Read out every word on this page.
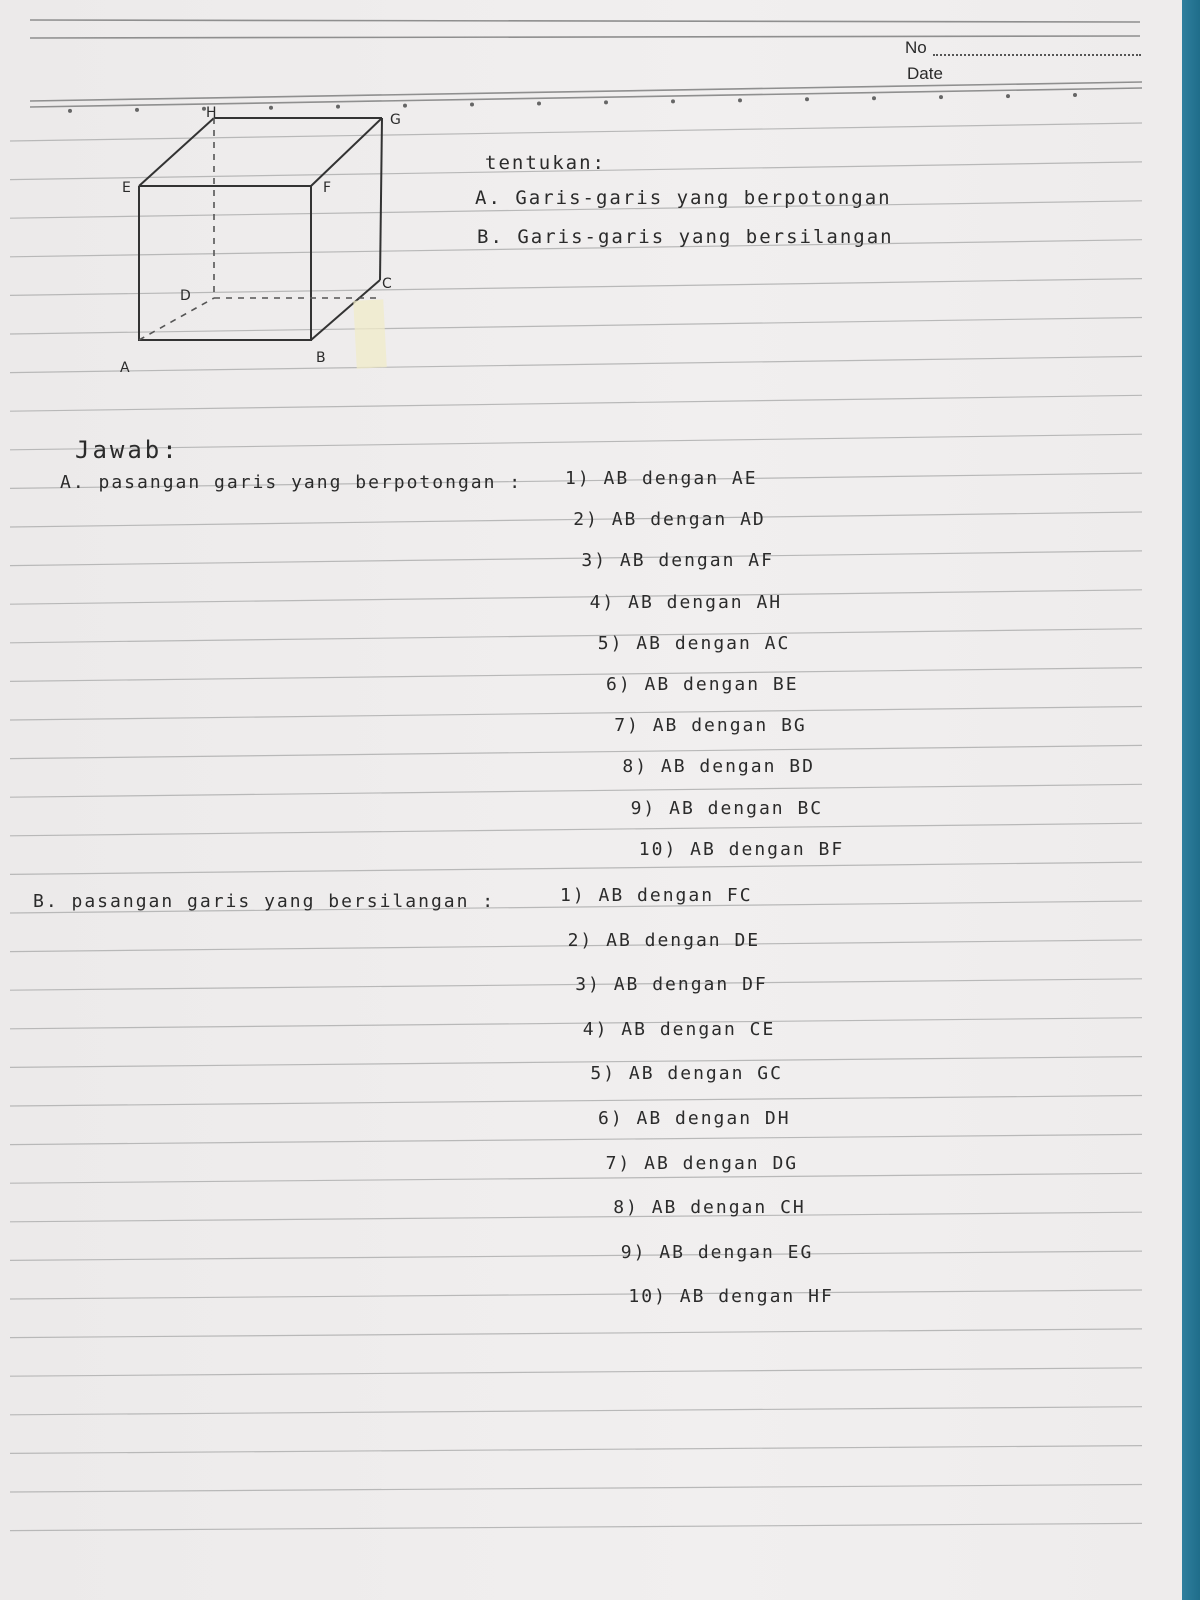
No
Date
A
B
C
D
E	F
G
H
tentukan:
A. Garis-garis yang berpotongan
B. Garis-garis yang bersilangan
Jawab:
A. pasangan garis yang berpotongan : 1) AB dengan AE
2) AB dengan AD
3) AB dengan AF
4) AB dengan AH
5) AB dengan AC
6) AB dengan BE
7) AB dengan BG
8) AB dengan BD
9) AB dengan BC
10) AB dengan BF
B. pasangan garis yang bersilangan :	1) AB dengan FC
2) AB dengan DE
3) AB dengan DF
4) AB dengan CE
5) AB dengan GC
6) AB dengan DH
7) AB dengan DG
8) AB dengan CH
9) AB dengan EG
10) AB dengan HF
